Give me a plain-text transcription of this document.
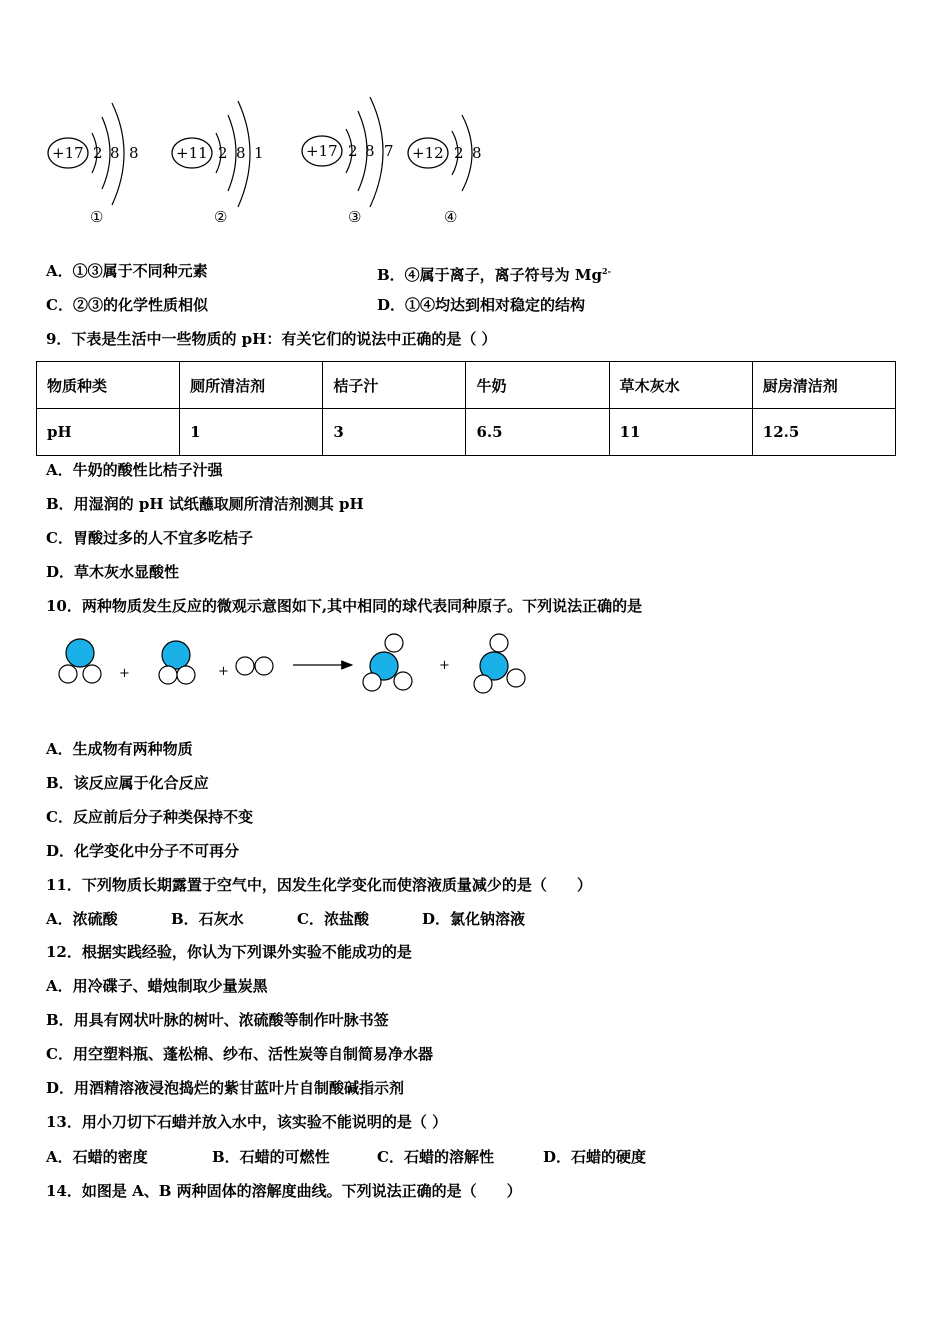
+17 2 8 8
①
+11 2 8 1
②
+17 2 8 7
③
+12 2 8
④
A．①③属于不同种元素	B．④属于离子，离子符号为 $Mg^{2-}$
C．②③的化学性质相似	D．①④均达到相对稳定的结构
9．下表是生活中一些物质的 pH：有关它们的说法中正确的是（ ）
物质种类	厕所清洁剂	桔子汁	牛奶	草木灰水	厨房清洁剂
pH	1	3	6.5	11	12.5
A．牛奶的酸性比桔子汁强
B．用湿润的 pH 试纸蘸取厕所清洁剂测其 pH
C．胃酸过多的人不宜多吃桔子
D．草木灰水显酸性
10．两种物质发生反应的微观示意图如下,其中相同的球代表同种原子。下列说法正确的是
+	+	+
A．生成物有两种物质
B．该反应属于化合反应
C．反应前后分子种类保持不变
D．化学变化中分子不可再分
11．下列物质长期露置于空气中，因发生化学变化而使溶液质量减少的是（　　）
A．浓硫酸	B．石灰水	C．浓盐酸	D．氯化钠溶液
12．根据实践经验，你认为下列课外实验不能成功的是
A．用冷碟子、蜡烛制取少量炭黑
B．用具有网状叶脉的树叶、浓硫酸等制作叶脉书签
C．用空塑料瓶、蓬松棉、纱布、活性炭等自制简易净水器
D．用酒精溶液浸泡捣烂的紫甘蓝叶片自制酸碱指示剂
13．用小刀切下石蜡并放入水中，该实验不能说明的是（ ）
A．石蜡的密度	B．石蜡的可燃性	C．石蜡的溶解性	D．石蜡的硬度
14．如图是 A、B 两种固体的溶解度曲线。下列说法正确的是（　　）
